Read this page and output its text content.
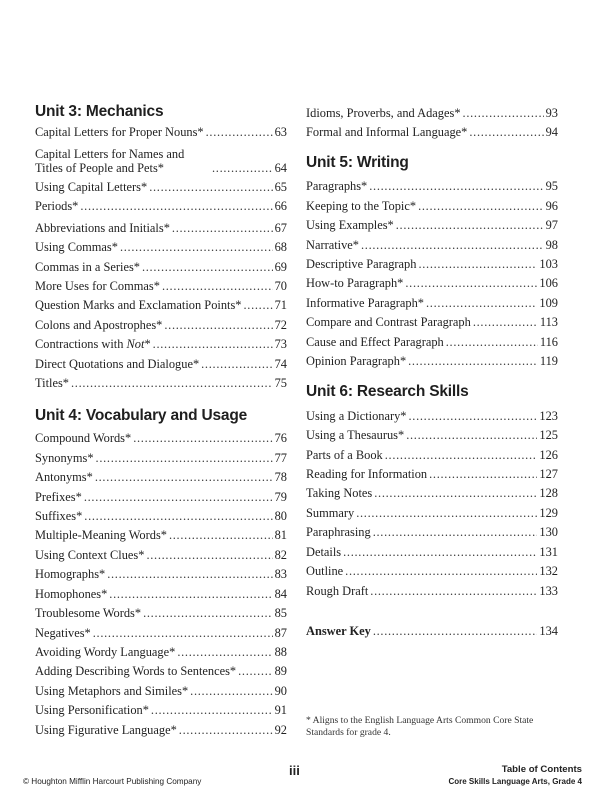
Unit 3: Mechanics
Capital Letters for Proper Nouns* . . .	63
Capital Letters for Names and Titles of People and Pets* . . .	64
Using Capital Letters* . . .	65
Periods* . . .	66
Abbreviations and Initials* . . .	67
Using Commas* . . .	68
Commas in a Series* . . .	69
More Uses for Commas* . . .	70
Question Marks and Exclamation Points* . . .	71
Colons and Apostrophes* . . .	72
Contractions with Not* . . .	73
Direct Quotations and Dialogue* . . .	74
Titles* . . .	75
Unit 4: Vocabulary and Usage
Compound Words* . . .	76
Synonyms* . . .	77
Antonyms* . . .	78
Prefixes* . . .	79
Suffixes* . . .	80
Multiple-Meaning Words* . . .	81
Using Context Clues* . . .	82
Homographs* . . .	83
Homophones* . . .	84
Troublesome Words* . . .	85
Negatives* . . .	87
Avoiding Wordy Language* . . .	88
Adding Describing Words to Sentences* . . .	89
Using Metaphors and Similes* . . .	90
Using Personification* . . .	91
Using Figurative Language* . . .	92
Idioms, Proverbs, and Adages* . . .	93
Formal and Informal Language* . . .	94
Unit 5: Writing
Paragraphs* . . .	95
Keeping to the Topic* . . .	96
Using Examples* . . .	97
Narrative* . . .	98
Descriptive Paragraph . . .	103
How-to Paragraph* . . .	106
Informative Paragraph* . . .	109
Compare and Contrast Paragraph . . .	113
Cause and Effect Paragraph . . .	116
Opinion Paragraph* . . .	119
Unit 6: Research Skills
Using a Dictionary* . . .	123
Using a Thesaurus* . . .	125
Parts of a Book . . .	126
Reading for Information . . .	127
Taking Notes . . .	128
Summary . . .	129
Paraphrasing . . .	130
Details . . .	131
Outline . . .	132
Rough Draft . . .	133
Answer Key . . .	134
* Aligns to the English Language Arts Common Core State Standards for grade 4.
© Houghton Mifflin Harcourt Publishing Company
iii	Table of Contents
Core Skills Language Arts, Grade 4
